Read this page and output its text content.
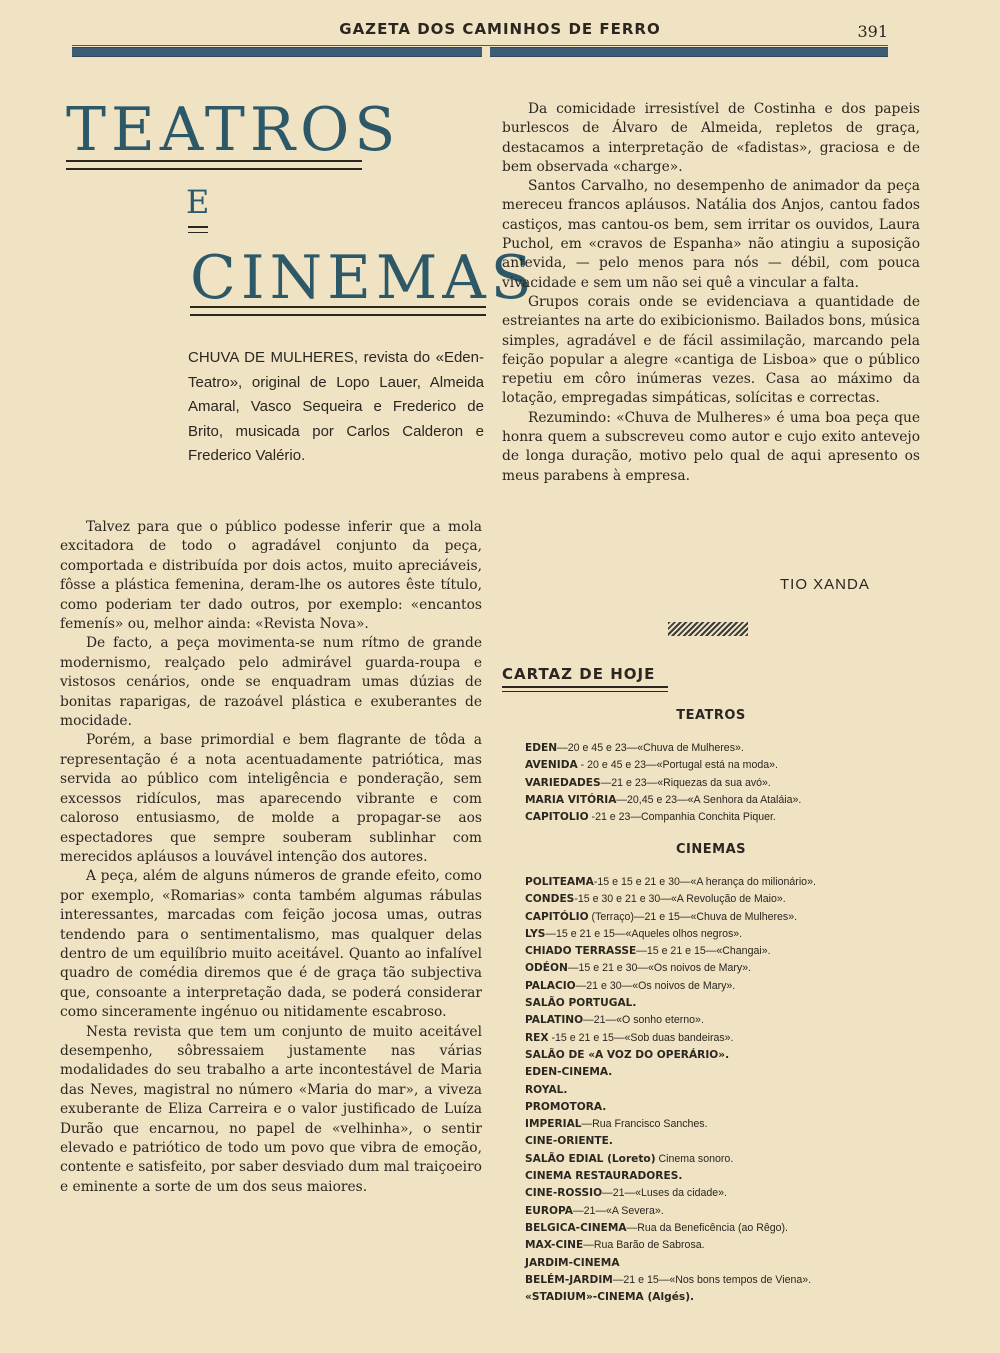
GAZETA DOS CAMINHOS DE FERRO	391
TEATROS
E
CINEMAS
CHUVA DE MULHERES, revista do «Eden-Teatro», original de Lopo Lauer, Almeida Amaral, Vasco Sequeira e Frederico de Brito, musicada por Carlos Calderon e Frederico Valério.

Talvez para que o público podesse inferir que a mola excitadora de todo o agradável conjunto da peça, comportada e distribuída por dois actos, muito apreciáveis, fôsse a plástica femenina, deram-lhe os autores êste título, como poderiam ter dado outros, por exemplo: «encantos femenís» ou, melhor ainda: «Revista Nova».

De facto, a peça movimenta-se num rítmo de grande modernismo, realçado pelo admirável guarda-roupa e vistosos cenários, onde se enquadram umas dúzias de bonitas raparigas, de razoável plástica e exuberantes de mocidade.

Porém, a base primordial e bem flagrante de tôda a representação é a nota acentuadamente patriótica, mas servida ao público com inteligência e ponderação, sem excessos ridículos, mas aparecendo vibrante e com caloroso entusiasmo, de molde a propagar-se aos espectadores que sempre souberam sublinhar com merecidos apláusos a louvável intenção dos autores.

A peça, além de alguns números de grande efeito, como por exemplo, «Romarias» conta também algumas rábulas interessantes, marcadas com feição jocosa umas, outras tendendo para o sentimentalismo, mas qualquer delas dentro de um equilíbrio muito aceitável. Quanto ao infalível quadro de comédia diremos que é de graça tão subjectiva que, consoante a interpretação dada, se poderá considerar como sinceramente ingénuo ou nitidamente escabroso.

Nesta revista que tem um conjunto de muito aceitável desempenho, sôbressaiem justamente nas várias modalidades do seu trabalho a arte incontestável de Maria das Neves, magistral no número «Maria do mar», a viveza exuberante de Eliza Carreira e o valor justificado de Luíza Durão que encarnou, no papel de «velhinha», o sentir elevado e patriótico de todo um povo que vibra de emoção, contente e satisfeito, por saber desviado dum mal traiçoeiro e eminente a sorte de um dos seus maiores.

Da comicidade irresistível de Costinha e dos papeis burlescos de Álvaro de Almeida, repletos de graça, destacamos a interpretação de «fadistas», graciosa e de bem observada «charge».

Santos Carvalho, no desempenho de animador da peça mereceu francos apláusos. Natália dos Anjos, cantou fados castiços, mas cantou-os bem, sem irritar os ouvidos, Laura Puchol, em «cravos de Espanha» não atingiu a suposição antevida, — pelo menos para nós — débil, com pouca vivacidade e sem um não sei quê a vincular a falta.

Grupos corais onde se evidenciava a quantidade de estreiantes na arte do exibicionismo. Bailados bons, música simples, agradável e de fácil assimilação, marcando pela feição popular a alegre «cantiga de Lisboa» que o público repetiu em côro inúmeras vezes. Casa ao máximo da lotação, empregadas simpáticas, solícitas e correctas.

Rezumindo: «Chuva de Mulheres» é uma boa peça que honra quem a subscreveu como autor e cujo exito antevejo de longa duração, motivo pelo qual de aqui apresento os meus parabens à empresa.

TIO XANDA
CARTAZ DE HOJE
TEATROS
EDEN—20 e 45 e 23—«Chuva de Mulheres».
AVENIDA - 20 e 45 e 23—«Portugal está na moda».
VARIEDADES—21 e 23—«Riquezas da sua avó».
MARIA VITÓRIA—20,45 e 23—«A Senhora da Ataláia».
CAPITOLIO -21 e 23—Companhia Conchita Piquer.
CINEMAS
POLITEAMA-15 e 15 e 21 e 30—«A herança do milionário».
CONDES-15 e 30 e 21 e 30—«A Revolução de Maio».
CAPITÓLIO (Terraço)—21 e 15—«Chuva de Mulheres».
LYS—15 e 21 e 15—«Aqueles olhos negros».
CHIADO TERRASSE—15 e 21 e 15—«Changai».
ODÉON—15 e 21 e 30—«Os noivos de Mary».
PALACIO—21 e 30—«Os noivos de Mary».
SALÃO PORTUGAL.
PALATINO—21—«O sonho eterno».
REX -15 e 21 e 15—«Sob duas bandeiras».
SALÃO DE «A VOZ DO OPERÁRIO».
EDEN-CINEMA.
ROYAL.
PROMOTORA.
IMPERIAL—Rua Francisco Sanches.
CINE-ORIENTE.
SALÃO EDIAL (Loreto) Cinema sonoro.
CINEMA RESTAURADORES.
CINE-ROSSIO—21—«Luses da cidade».
EUROPA—21—«A Severa».
BELGICA-CINEMA—Rua da Beneficência (ao Rêgo).
MAX-CINE—Rua Barão de Sabrosa.
JARDIM-CINEMA
BELÉM-JARDIM—21 e 15—«Nos bons tempos de Viena».
«STADIUM»-CINEMA (Algés).
